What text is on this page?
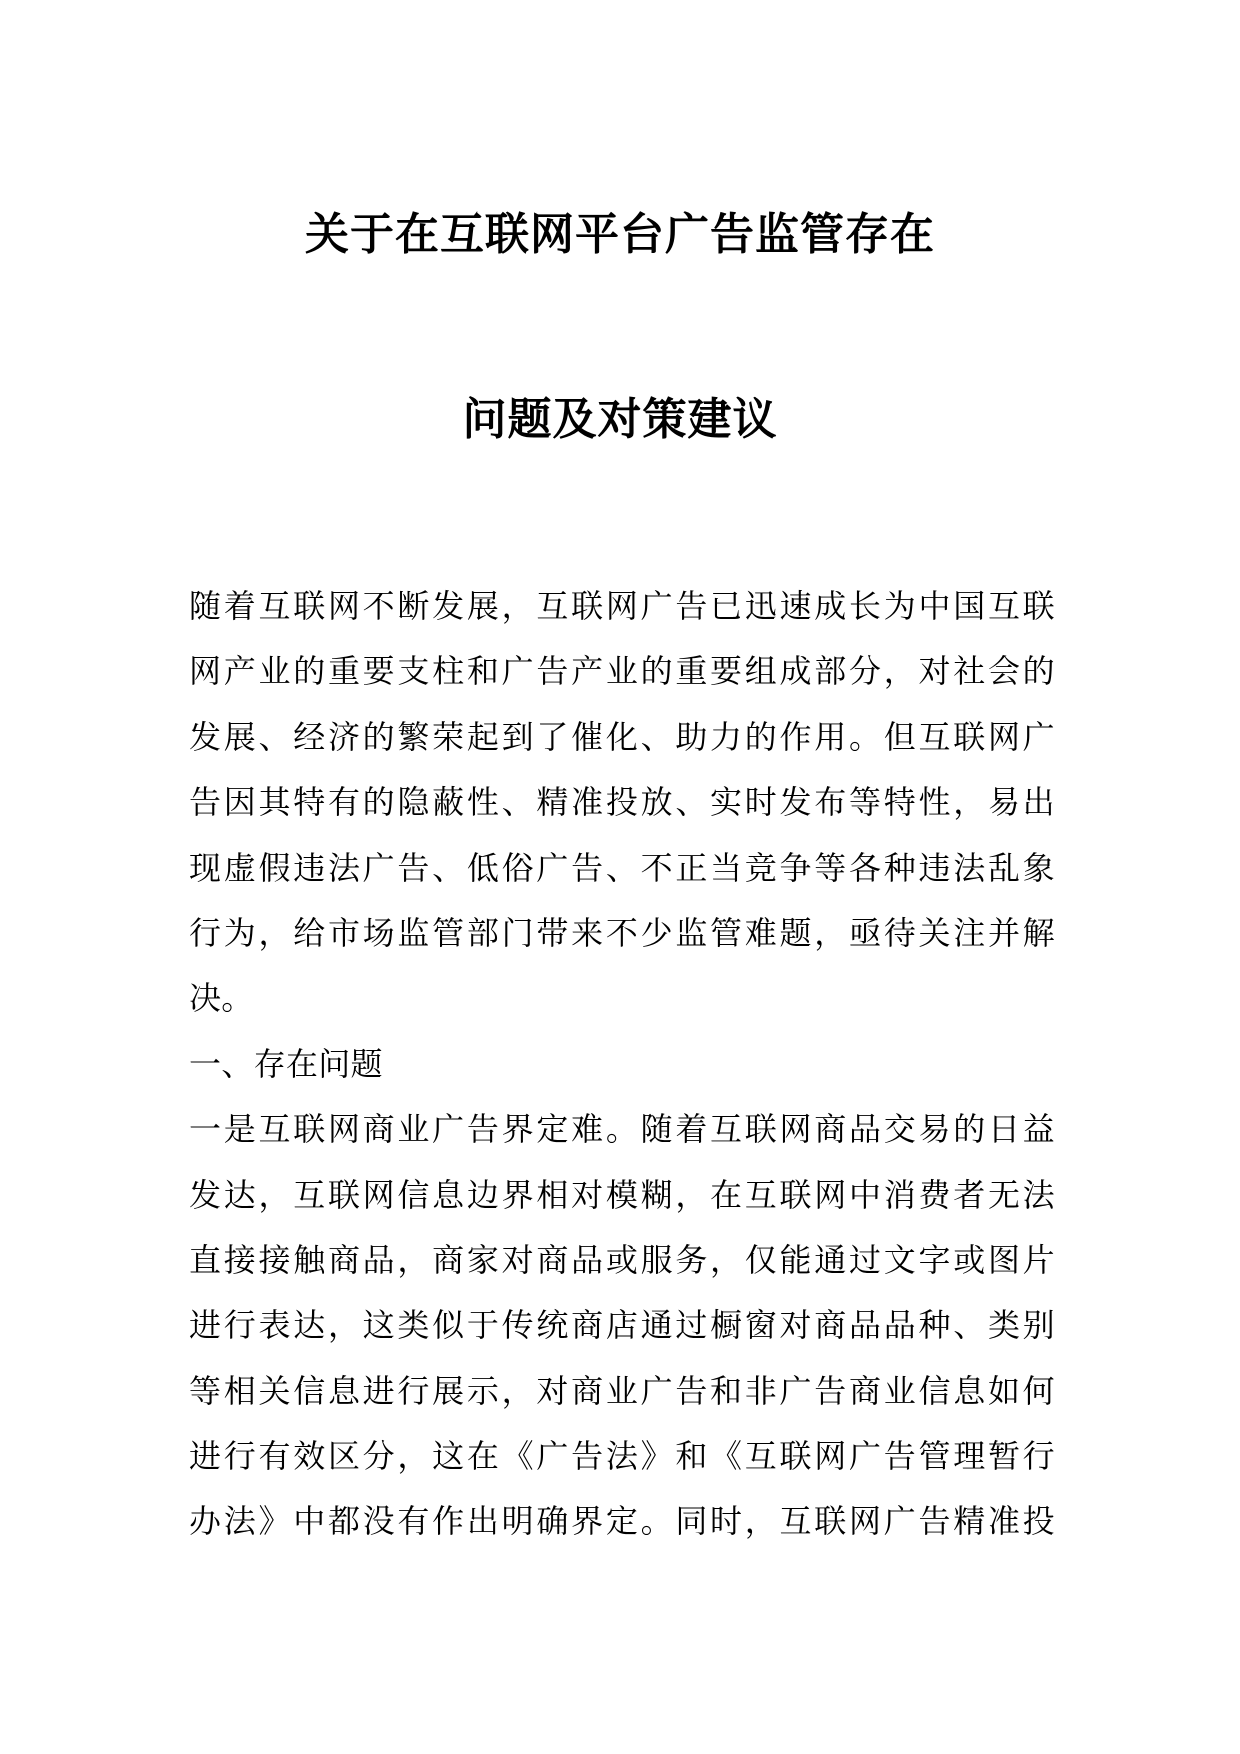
关于在互联网平台广告监管存在
问题及对策建议
随着互联网不断发展，互联网广告已迅速成长为中国互联
网产业的重要支柱和广告产业的重要组成部分，对社会的
发展、经济的繁荣起到了催化、助力的作用。但互联网广
告因其特有的隐蔽性、精准投放、实时发布等特性，易出
现虚假违法广告、低俗广告、不正当竞争等各种违法乱象
行为，给市场监管部门带来不少监管难题，亟待关注并解
决。
一、存在问题
一是互联网商业广告界定难。随着互联网商品交易的日益
发达，互联网信息边界相对模糊，在互联网中消费者无法
直接接触商品，商家对商品或服务，仅能通过文字或图片
进行表达，这类似于传统商店通过橱窗对商品品种、类别
等相关信息进行展示，对商业广告和非广告商业信息如何
进行有效区分，这在《广告法》和《互联网广告管理暂行
办法》中都没有作出明确界定。同时，互联网广告精准投
